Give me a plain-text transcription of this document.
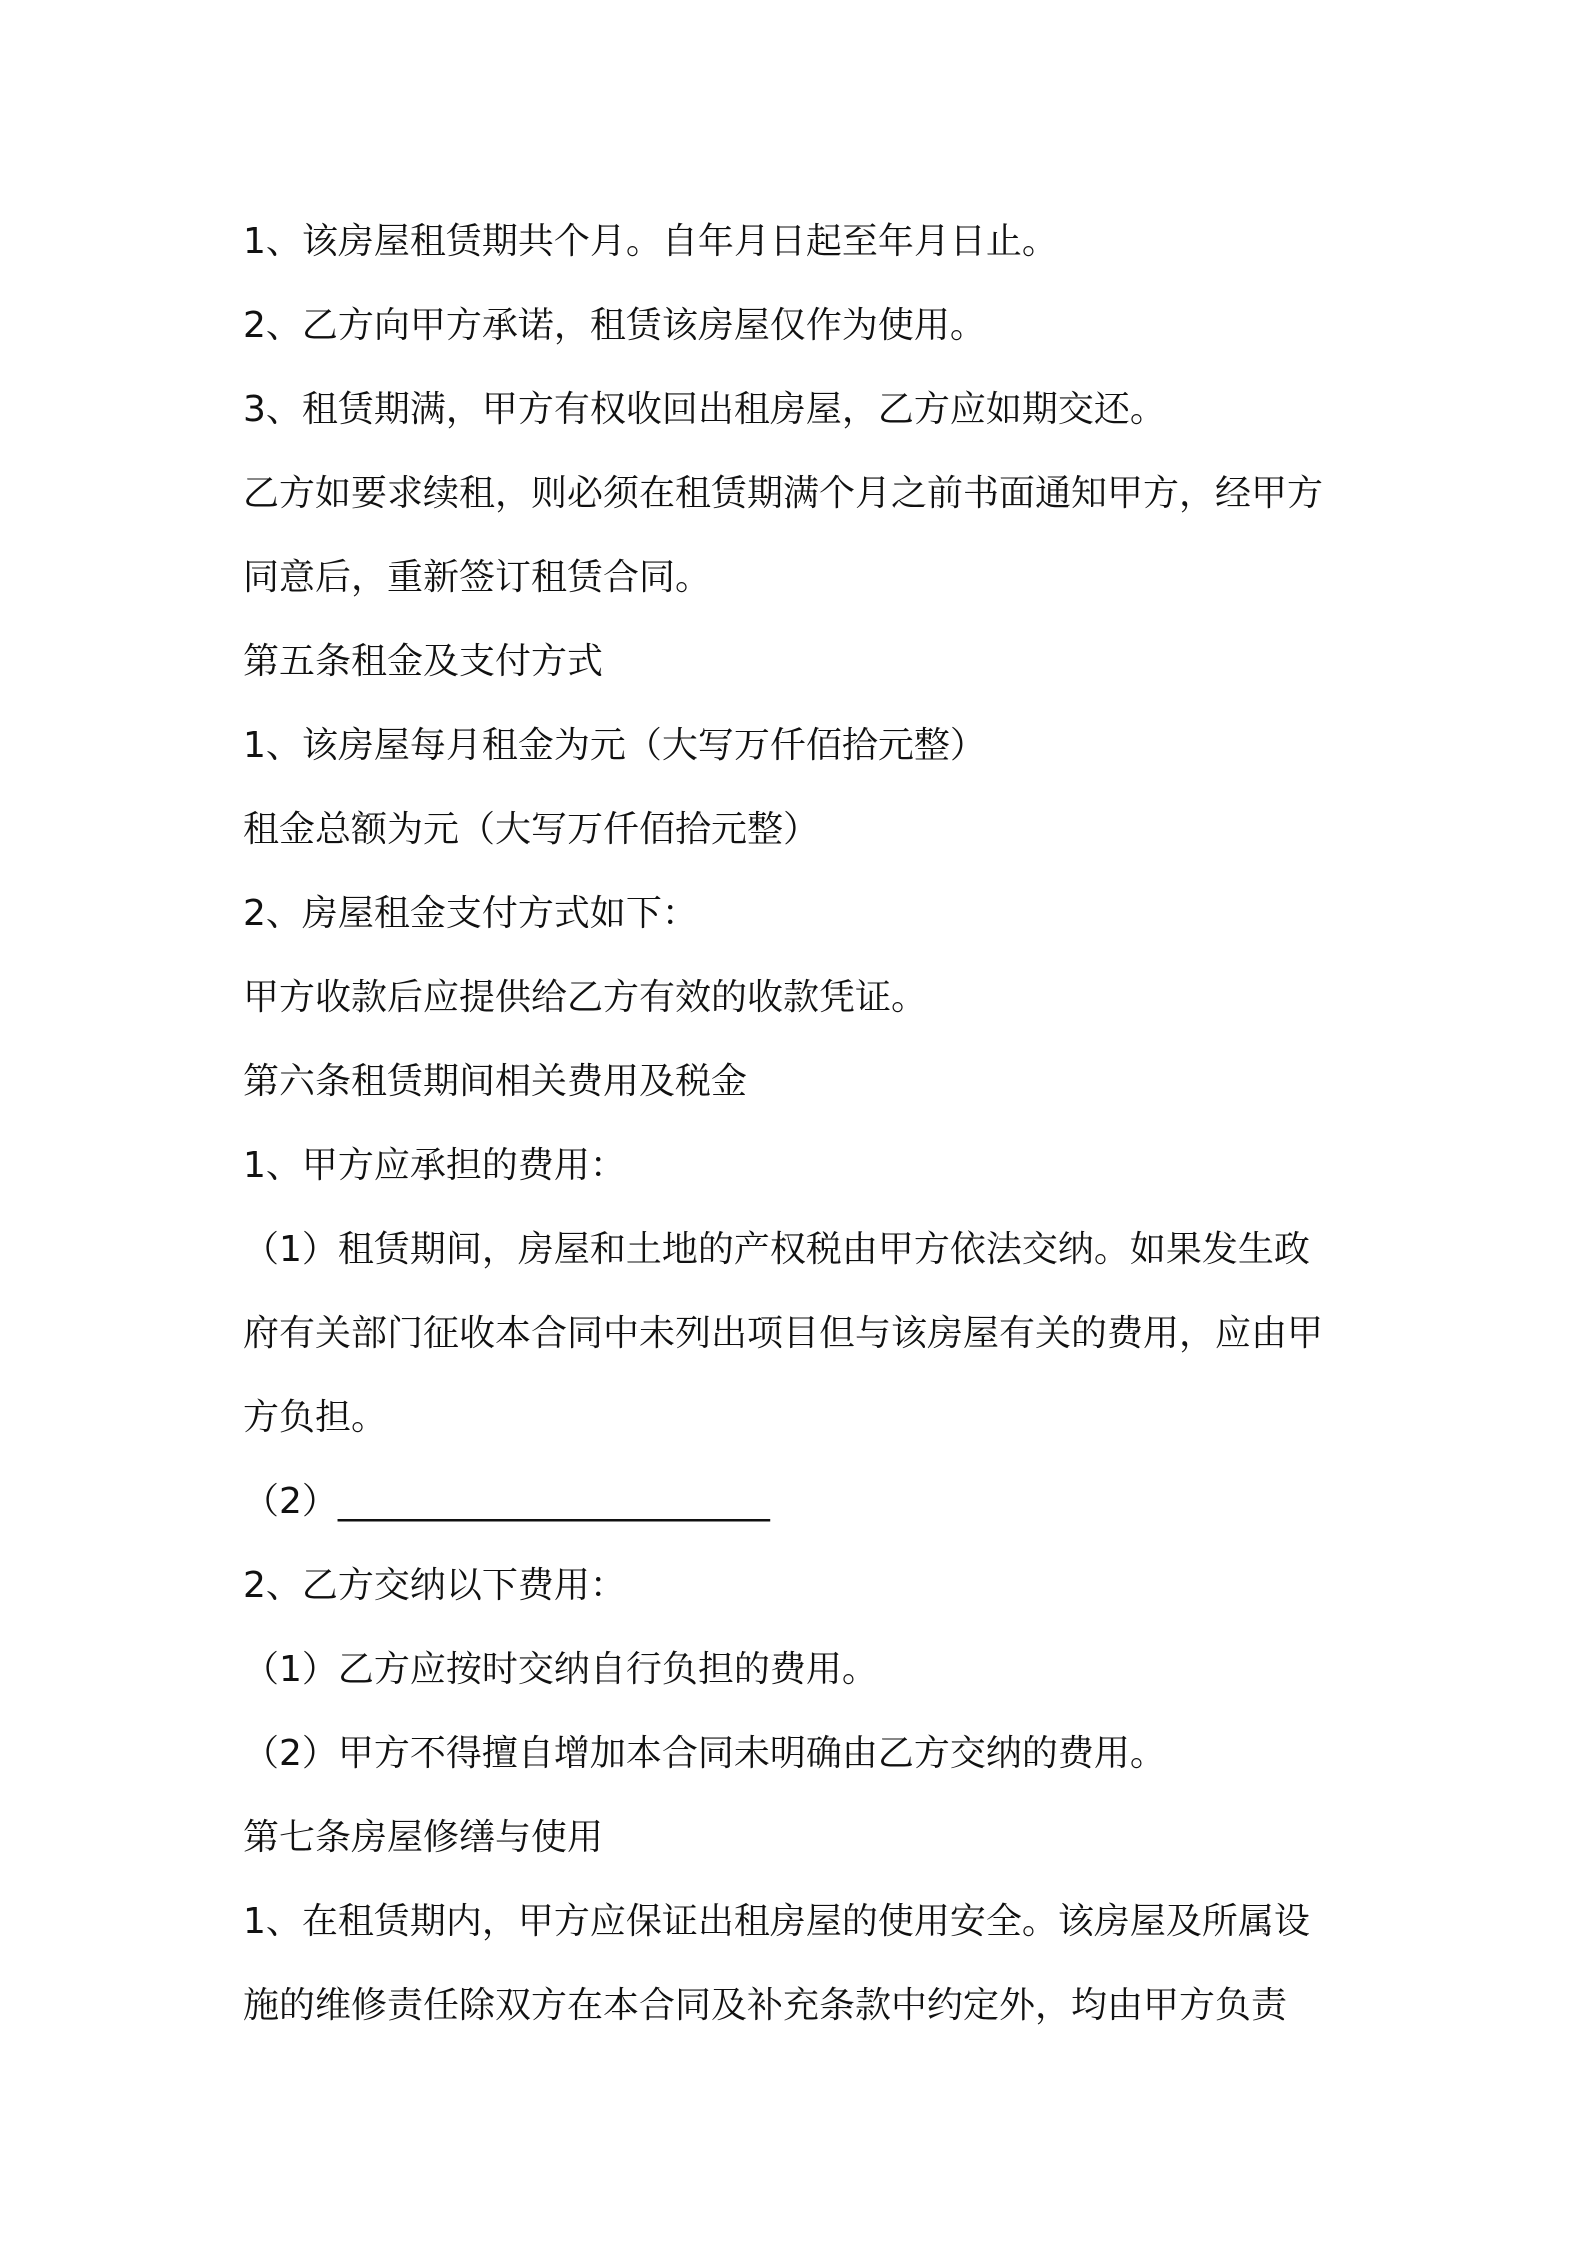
1、该房屋租赁期共个月。自年月日起至年月日止。
2、乙方向甲方承诺，租赁该房屋仅作为使用。
3、租赁期满，甲方有权收回出租房屋，乙方应如期交还。
乙方如要求续租，则必须在租赁期满个月之前书面通知甲方，经甲方
同意后，重新签订租赁合同。
第五条租金及支付方式
1、该房屋每月租金为元（大写万仟佰拾元整）
租金总额为元（大写万仟佰拾元整）
2、房屋租金支付方式如下：
甲方收款后应提供给乙方有效的收款凭证。
第六条租赁期间相关费用及税金
1、甲方应承担的费用：
（1）租赁期间，房屋和土地的产权税由甲方依法交纳。如果发生政
府有关部门征收本合同中未列出项目但与该房屋有关的费用，应由甲
方负担。
（2）________________________
2、乙方交纳以下费用：
（1）乙方应按时交纳自行负担的费用。
（2）甲方不得擅自增加本合同未明确由乙方交纳的费用。
第七条房屋修缮与使用
1、在租赁期内，甲方应保证出租房屋的使用安全。该房屋及所属设
施的维修责任除双方在本合同及补充条款中约定外，均由甲方负责
